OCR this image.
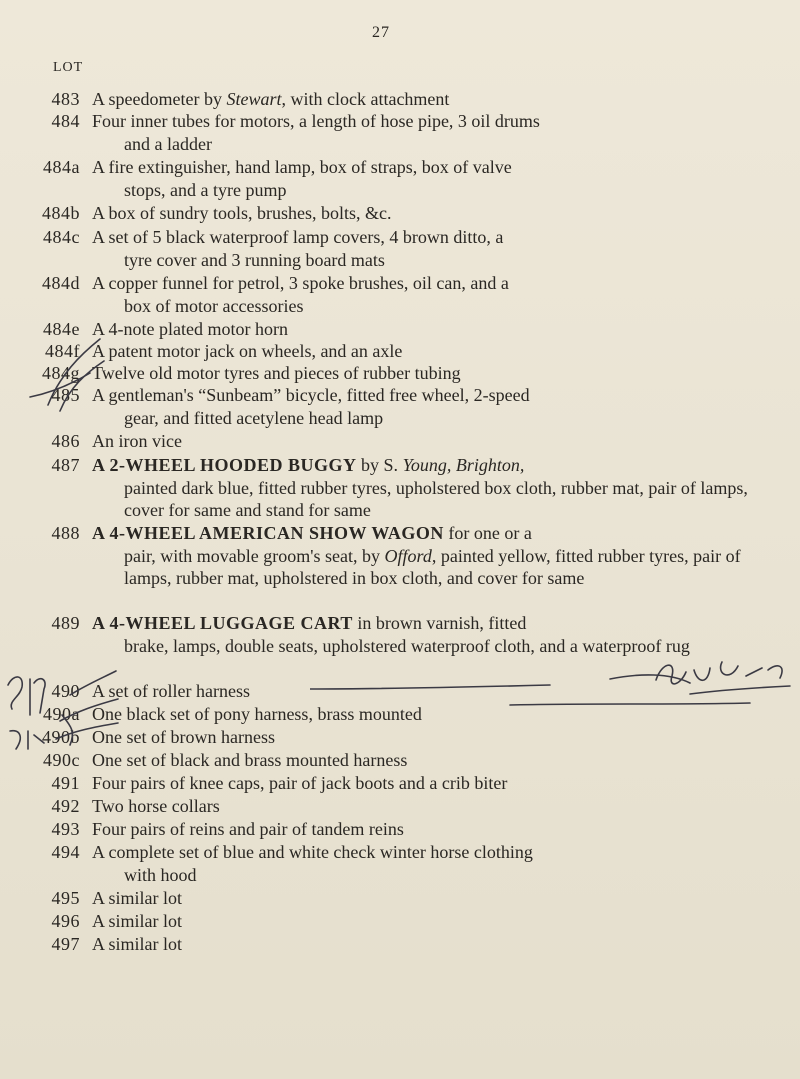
27
LOT
483 A speedometer by Stewart, with clock attachment
484 Four inner tubes for motors, a length of hose pipe, 3 oil drums
and a ladder
484a A fire extinguisher, hand lamp, box of straps, box of valve
stops, and a tyre pump
484b A box of sundry tools, brushes, bolts, &c.
484c A set of 5 black waterproof lamp covers, 4 brown ditto, a
tyre cover and 3 running board mats
484d A copper funnel for petrol, 3 spoke brushes, oil can, and a
box of motor accessories
484e A 4-note plated motor horn
484f A patent motor jack on wheels, and an axle
484g Twelve old motor tyres and pieces of rubber tubing
485 A gentleman's “Sunbeam” bicycle, fitted free wheel, 2-speed
gear, and fitted acetylene head lamp
486 An iron vice
487 A 2-WHEEL HOODED BUGGY by S. Young, Brighton,
painted dark blue, fitted rubber tyres, upholstered box cloth, rubber mat, pair of lamps, cover for same and stand for same
488 A 4-WHEEL AMERICAN SHOW WAGON for one or a
pair, with movable groom's seat, by Offord, painted yellow, fitted rubber tyres, pair of lamps, rubber mat, upholstered in box cloth, and cover for same
489 A 4-WHEEL LUGGAGE CART in brown varnish, fitted
brake, lamps, double seats, upholstered waterproof cloth, and a waterproof rug
490 A set of roller harness
490a One black set of pony harness, brass mounted
490b One set of brown harness
490c One set of black and brass mounted harness
491 Four pairs of knee caps, pair of jack boots and a crib biter
492 Two horse collars
493 Four pairs of reins and pair of tandem reins
494 A complete set of blue and white check winter horse clothing
with hood
495 A similar lot
496 A similar lot
497 A similar lot
